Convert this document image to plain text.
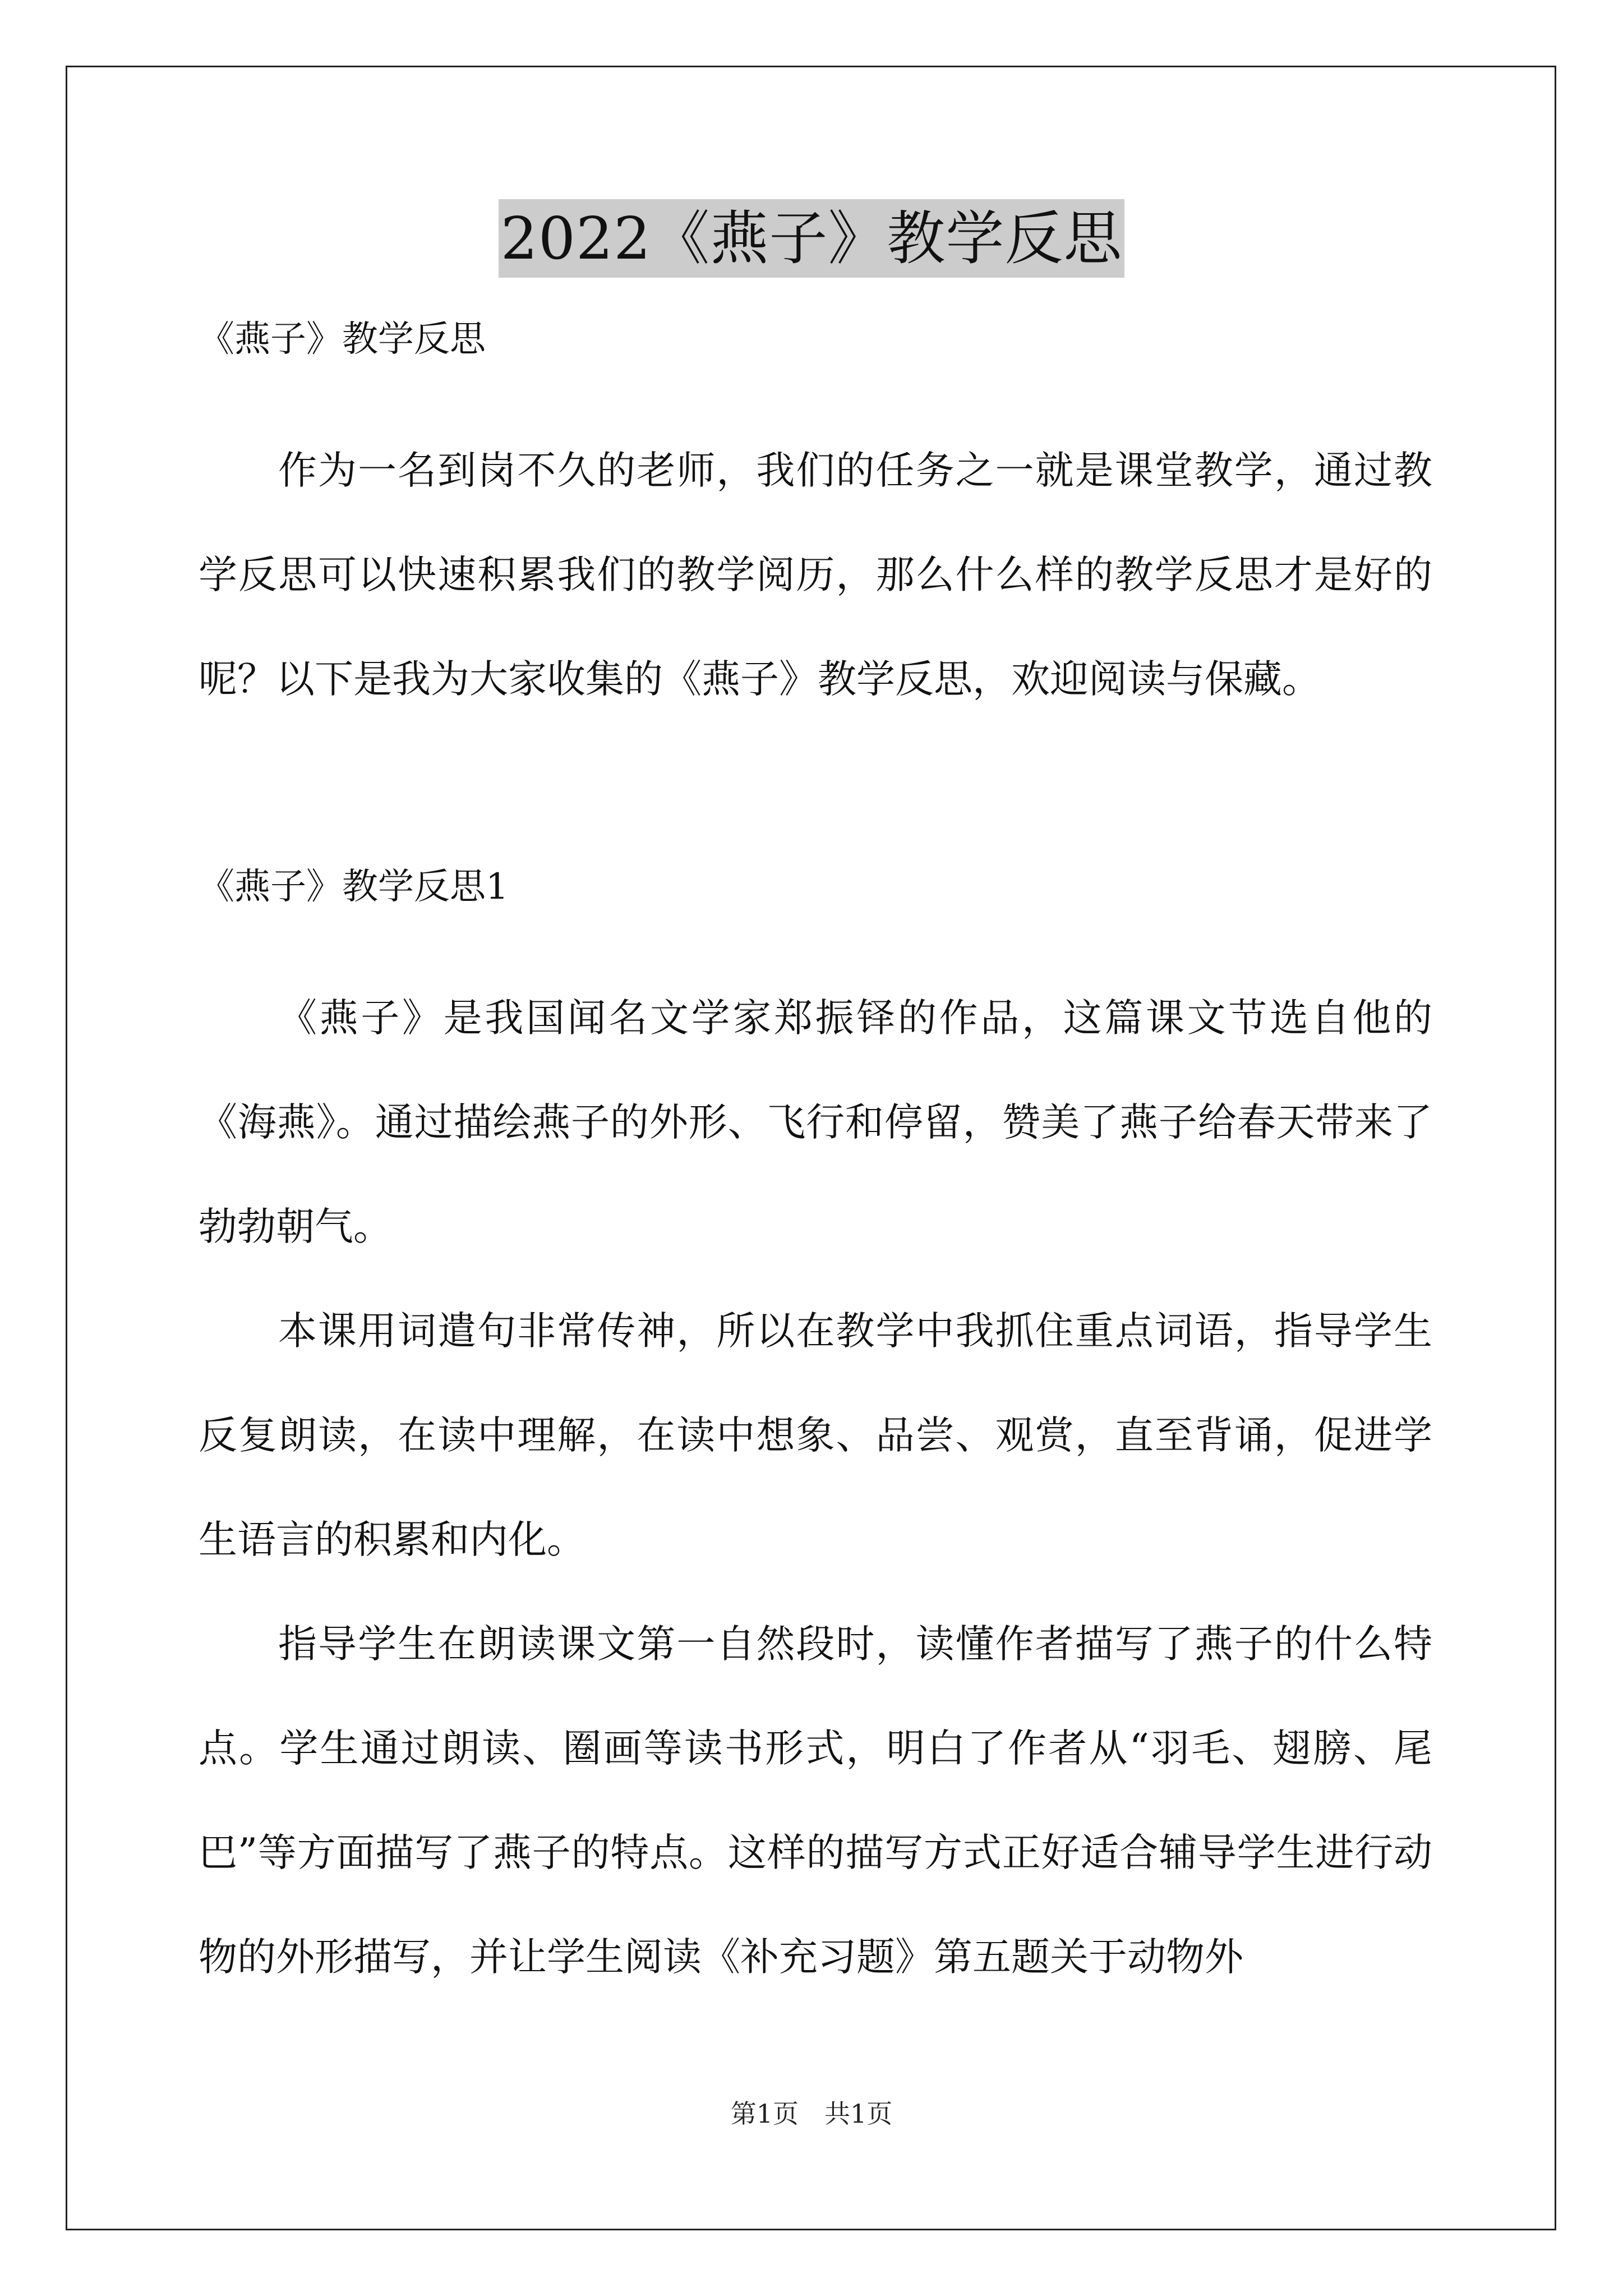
2022《燕子》教学反思

《燕子》教学反思

作为一名到岗不久的老师，我们的任务之一就是课堂教学，通过教学反思可以快速积累我们的教学阅历，那么什么样的教学反思才是好的呢？以下是我为大家收集的《燕子》教学反思，欢迎阅读与保藏。

《燕子》教学反思1

《燕子》是我国闻名文学家郑振铎的作品，这篇课文节选自他的《海燕》。通过描绘燕子的外形、飞行和停留，赞美了燕子给春天带来了勃勃朝气。

本课用词遣句非常传神，所以在教学中我抓住重点词语，指导学生反复朗读，在读中理解，在读中想象、品尝、观赏，直至背诵，促进学生语言的积累和内化。

指导学生在朗读课文第一自然段时，读懂作者描写了燕子的什么特点。学生通过朗读、圈画等读书形式，明白了作者从“羽毛、翅膀、尾巴”等方面描写了燕子的特点。这样的描写方式正好适合辅导学生进行动物的外形描写，并让学生阅读《补充习题》第五题关于动物外

第1页　共1页
